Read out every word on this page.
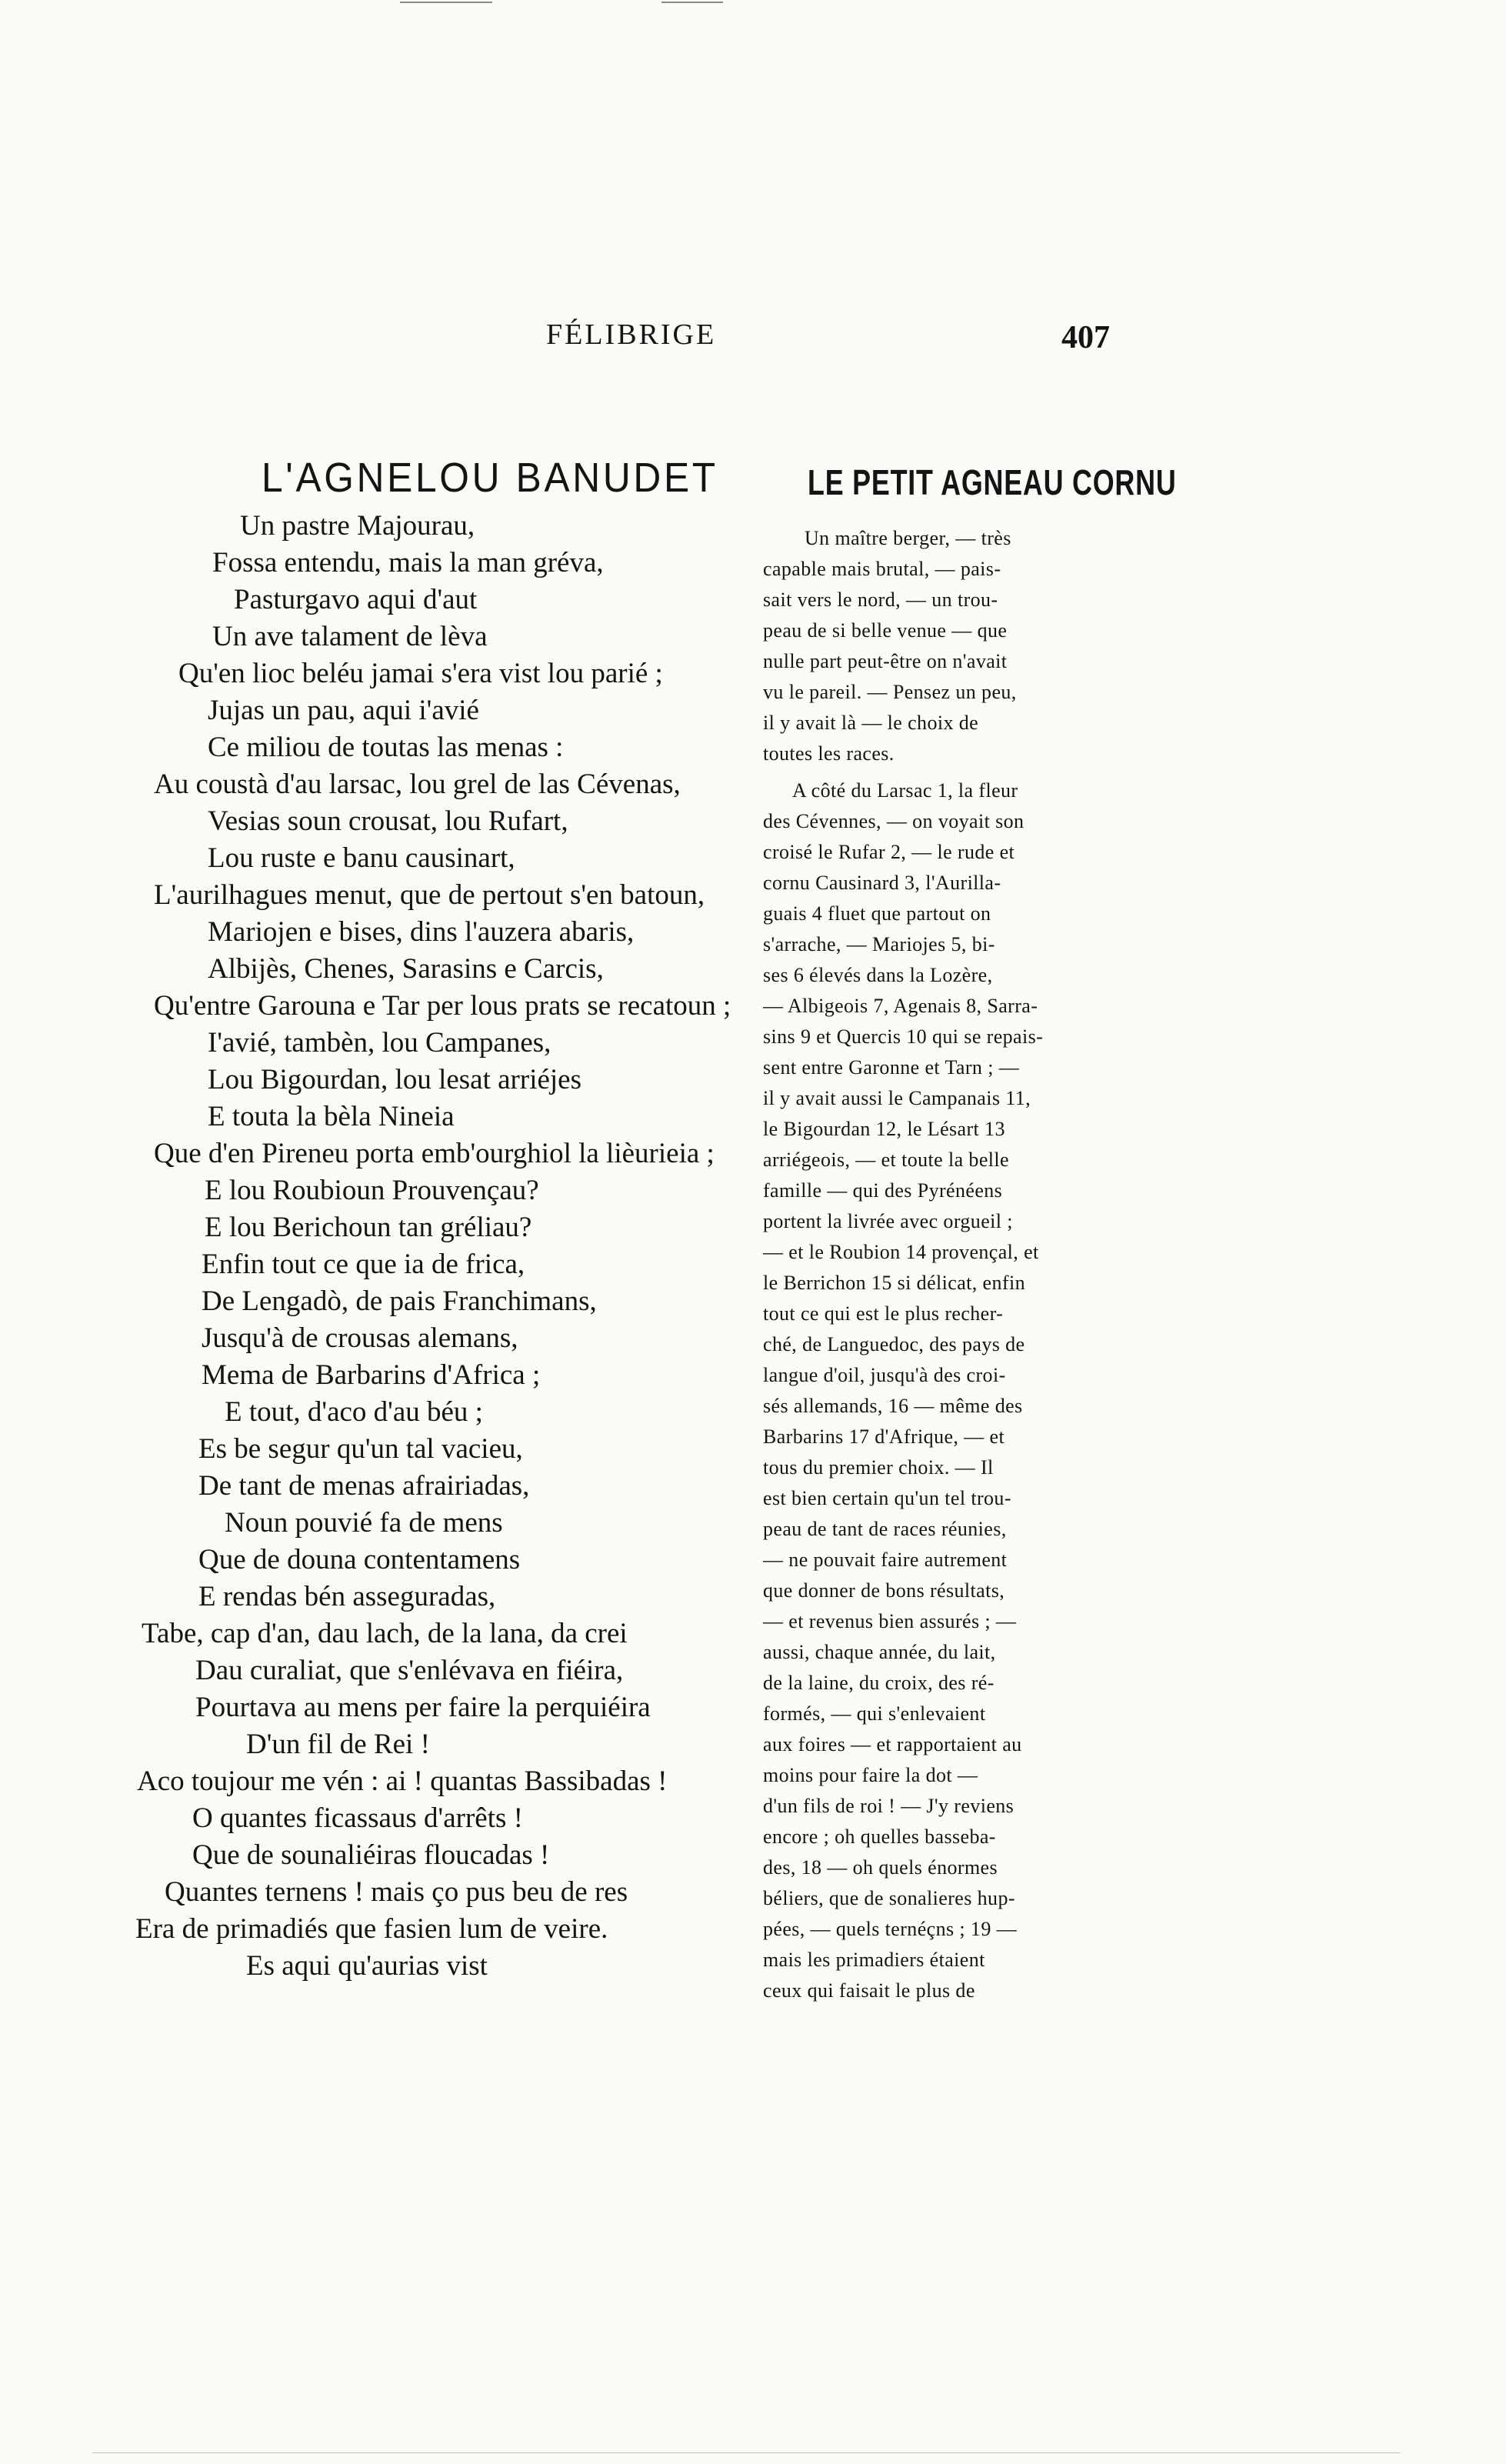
FÉLIBRIGE	407
L'AGNELOU BANUDET	LE PETIT AGNEAU CORNU
Un pastre Majourau,
Fossa entendu, mais la man gréva,
Pasturgavo aqui d'aut
Un ave talament de lèva
Qu'en lioc beléu jamai s'era vist lou parié ;
Jujas un pau, aqui i'avié
Ce miliou de toutas las menas :
Au coustà d'au larsac, lou grel de las Cévenas,
Vesias soun crousat, lou Rufart,
Lou ruste e banu causinart,
L'aurilhagues menut, que de pertout s'en batoun,
Mariojen e bises, dins l'auzera abaris,
Albijès, Chenes, Sarasins e Carcis,
Qu'entre Garouna e Tar per lous prats se recatoun ;
I'avié, tambèn, lou Campanes,
Lou Bigourdan, lou lesat arriéjes
E touta la bèla Nineia
Que d'en Pireneu porta emb'ourghiol la lièurieia ;
E lou Roubioun Prouvençau?
E lou Berichoun tan gréliau?
Enfin tout ce que ia de frica,
De Lengadò, de pais Franchimans,
Jusqu'à de crousas alemans,
Mema de Barbarins d'Africa ;
E tout, d'aco d'au béu ;
Es be segur qu'un tal vacieu,
De tant de menas afrairiadas,
Noun pouvié fa de mens
Que de douna contentamens
E rendas bén asseguradas,
Tabe, cap d'an, dau lach, de la lana, da crei
Dau curaliat, que s'enlévava en fiéira,
Pourtava au mens per faire la perquiéira
D'un fil de Rei !
Aco toujour me vén : ai ! quantas Bassibadas !
O quantes ficassaus d'arrêts !
Que de sounaliéiras floucadas !
Quantes ternens ! mais ço pus beu de res
Era de primadiés que fasien lum de veire.
Es aqui qu'aurias vist
Un maître berger, — très
capable mais brutal, — pais-
sait vers le nord, — un trou-
peau de si belle venue — que
nulle part peut-être on n'avait
vu le pareil. — Pensez un peu,
il y avait là — le choix de
toutes les races.
A côté du Larsac 1, la fleur
des Cévennes, — on voyait son
croisé le Rufar 2, — le rude et
cornu Causinard 3, l'Aurilla-
guais 4 fluet que partout on
s'arrache, — Mariojes 5, bi-
ses 6 élevés dans la Lozère,
— Albigeois 7, Agenais 8, Sarra-
sins 9 et Quercis 10 qui se repais-
sent entre Garonne et Tarn ; —
il y avait aussi le Campanais 11,
le Bigourdan 12, le Lésart 13
arriégeois, — et toute la belle
famille — qui des Pyrénéens
portent la livrée avec orgueil ;
— et le Roubion 14 provençal, et
le Berrichon 15 si délicat, enfin
tout ce qui est le plus recher-
ché, de Languedoc, des pays de
langue d'oil, jusqu'à des croi-
sés allemands, 16 — même des
Barbarins 17 d'Afrique, — et
tous du premier choix. — Il
est bien certain qu'un tel trou-
peau de tant de races réunies,
— ne pouvait faire autrement
que donner de bons résultats,
— et revenus bien assurés ; —
aussi, chaque année, du lait,
de la laine, du croix, des ré-
formés, — qui s'enlevaient
aux foires — et rapportaient au
moins pour faire la dot —
d'un fils de roi ! — J'y reviens
encore ; oh quelles basseba-
des, 18 — oh quels énormes
béliers, que de sonalieres hup-
pées, — quels ternéçns ; 19 —
mais les primadiers étaient
ceux qui faisait le plus de
